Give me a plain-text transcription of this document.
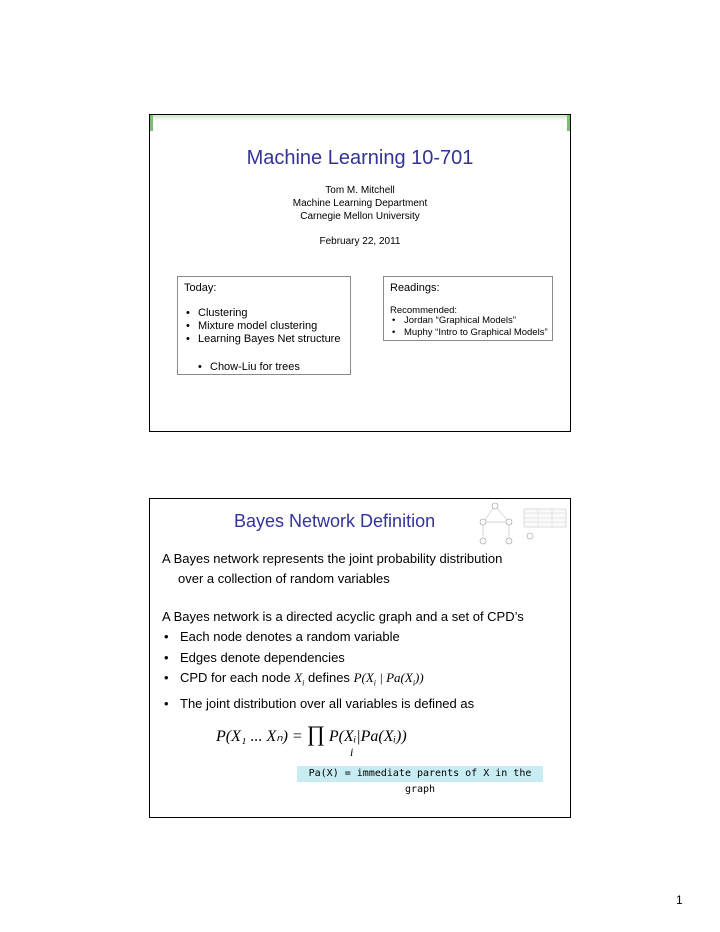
Machine Learning 10-701
Tom M. Mitchell
Machine Learning Department
Carnegie Mellon University
February 22, 2011
Today:
• Clustering
• Mixture model clustering
• Learning Bayes Net structure
• Chow-Liu for trees
Readings:
Recommended:
• Jordan “Graphical Models”
• Muphy “Intro to Graphical Models”
Bayes Network Definition
A Bayes network represents the joint probability distribution
over a collection of random variables
A Bayes network is a directed acyclic graph and a set of CPD’s
• Each node denotes a random variable
• Edges denote dependencies
• CPD for each node $X_i$ defines $P(X_i$ | $Pa(X_i)$)
• The joint distribution over all variables is defined as
P(X₁ ... Xₙ) = ∏ P(Xᵢ|Pa(Xᵢ))
i
Pa(X) = immediate parents of X in the graph
1
